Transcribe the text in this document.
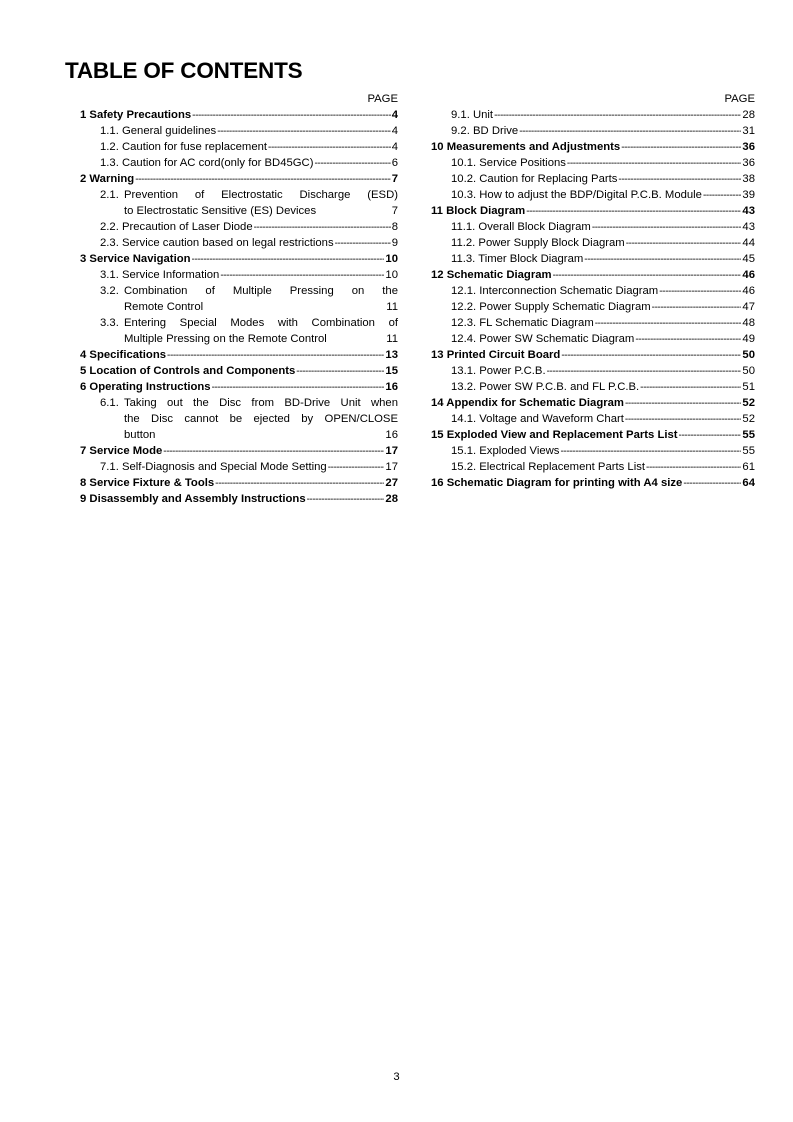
TABLE OF CONTENTS
PAGE
1 Safety Precautions -----	4
1.1. General guidelines -----	4
1.2. Caution for fuse replacement -----	4
1.3. Caution for AC cord(only for BD45GC) -----	6
2 Warning -----	7
2.1. Prevention of Electrostatic Discharge (ESD)
to Electrostatic Sensitive (ES) Devices	7
2.2. Precaution of Laser Diode -----	8
2.3. Service caution based on legal restrictions -----	9
3 Service Navigation -----	10
3.1. Service Information -----	10
3.2. Combination of Multiple Pressing on the
Remote Control	11
3.3. Entering Special Modes with Combination of
Multiple Pressing on the Remote Control	11
4 Specifications -----	13
5 Location of Controls and Components -----	15
6 Operating Instructions -----	16
6.1. Taking out the Disc from BD-Drive Unit when
the Disc cannot be ejected by OPEN/CLOSE
button	16
7 Service Mode -----	17
7.1. Self-Diagnosis and Special Mode Setting -----	17
8 Service Fixture & Tools -----	27
9 Disassembly and Assembly Instructions -----	28
PAGE
9.1. Unit -----	28
9.2. BD Drive -----	31
10 Measurements and Adjustments -----	36
10.1. Service Positions -----	36
10.2. Caution for Replacing Parts -----	38
10.3. How to adjust the BDP/Digital P.C.B. Module -----	39
11 Block Diagram -----	43
11.1. Overall Block Diagram -----	43
11.2. Power Supply Block Diagram -----	44
11.3. Timer Block Diagram -----	45
12 Schematic Diagram -----	46
12.1. Interconnection Schematic Diagram -----	46
12.2. Power Supply Schematic Diagram -----	47
12.3. FL Schematic Diagram -----	48
12.4. Power SW Schematic Diagram -----	49
13 Printed Circuit Board -----	50
13.1. Power P.C.B. -----	50
13.2. Power SW P.C.B. and FL P.C.B. -----	51
14 Appendix for Schematic Diagram -----	52
14.1. Voltage and Waveform Chart -----	52
15 Exploded View and Replacement Parts List -----	55
15.1. Exploded Views -----	55
15.2. Electrical Replacement Parts List -----	61
16 Schematic Diagram for printing with A4 size -----	64
3
